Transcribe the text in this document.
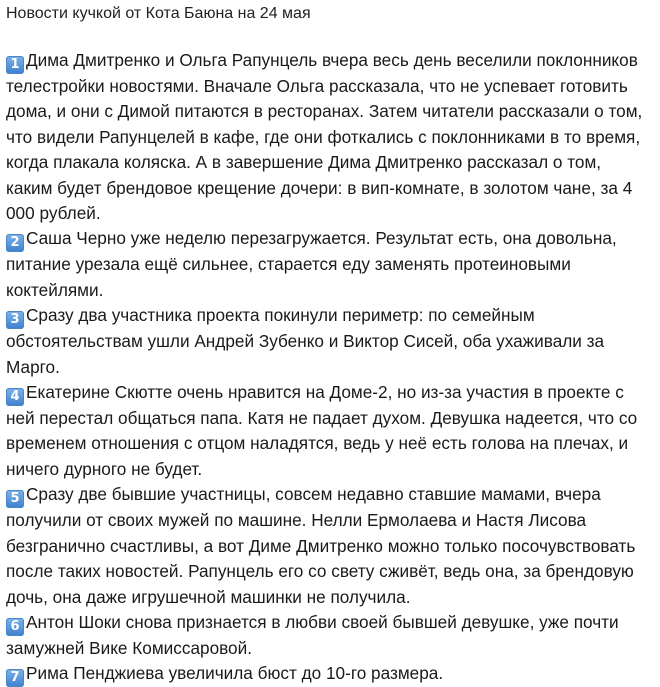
Новости кучкой от Кота Баюна на 24 мая
1 Дима Дмитренко и Ольга Рапунцель вчера весь день веселили поклонников телестройки новостями. Вначале Ольга рассказала, что не успевает готовить дома, и они с Димой питаются в ресторанах. Затем читатели рассказали о том, что видели Рапунцелей в кафе, где они фоткались с поклонниками в то время, когда плакала коляска. А в завершение Дима Дмитренко рассказал о том, каким будет брендовое крещение дочери: в вип-комнате, в золотом чане, за 4 000 рублей.
2 Саша Черно уже неделю перезагружается. Результат есть, она довольна, питание урезала ещё сильнее, старается еду заменять протеиновыми коктейлями.
3 Сразу два участника проекта покинули периметр: по семейным обстоятельствам ушли Андрей Зубенко и Виктор Сисей, оба ухаживали за Марго.
4 Екатерине Скютте очень нравится на Доме-2, но из-за участия в проекте с ней перестал общаться папа. Катя не падает духом. Девушка надеется, что со временем отношения с отцом наладятся, ведь у неё есть голова на плечах, и ничего дурного не будет.
5 Сразу две бывшие участницы, совсем недавно ставшие мамами, вчера получили от своих мужей по машине. Нелли Ермолаева и Настя Лисова безгранично счастливы, а вот Диме Дмитренко можно только посочувствовать после таких новостей. Рапунцель его со свету сживёт, ведь она, за брендовую дочь, она даже игрушечной машинки не получила.
6 Антон Шоки снова признается в любви своей бывшей девушке, уже почти замужней Вике Комиссаровой.
7 Рима Пенджиева увеличила бюст до 10-го размера.
